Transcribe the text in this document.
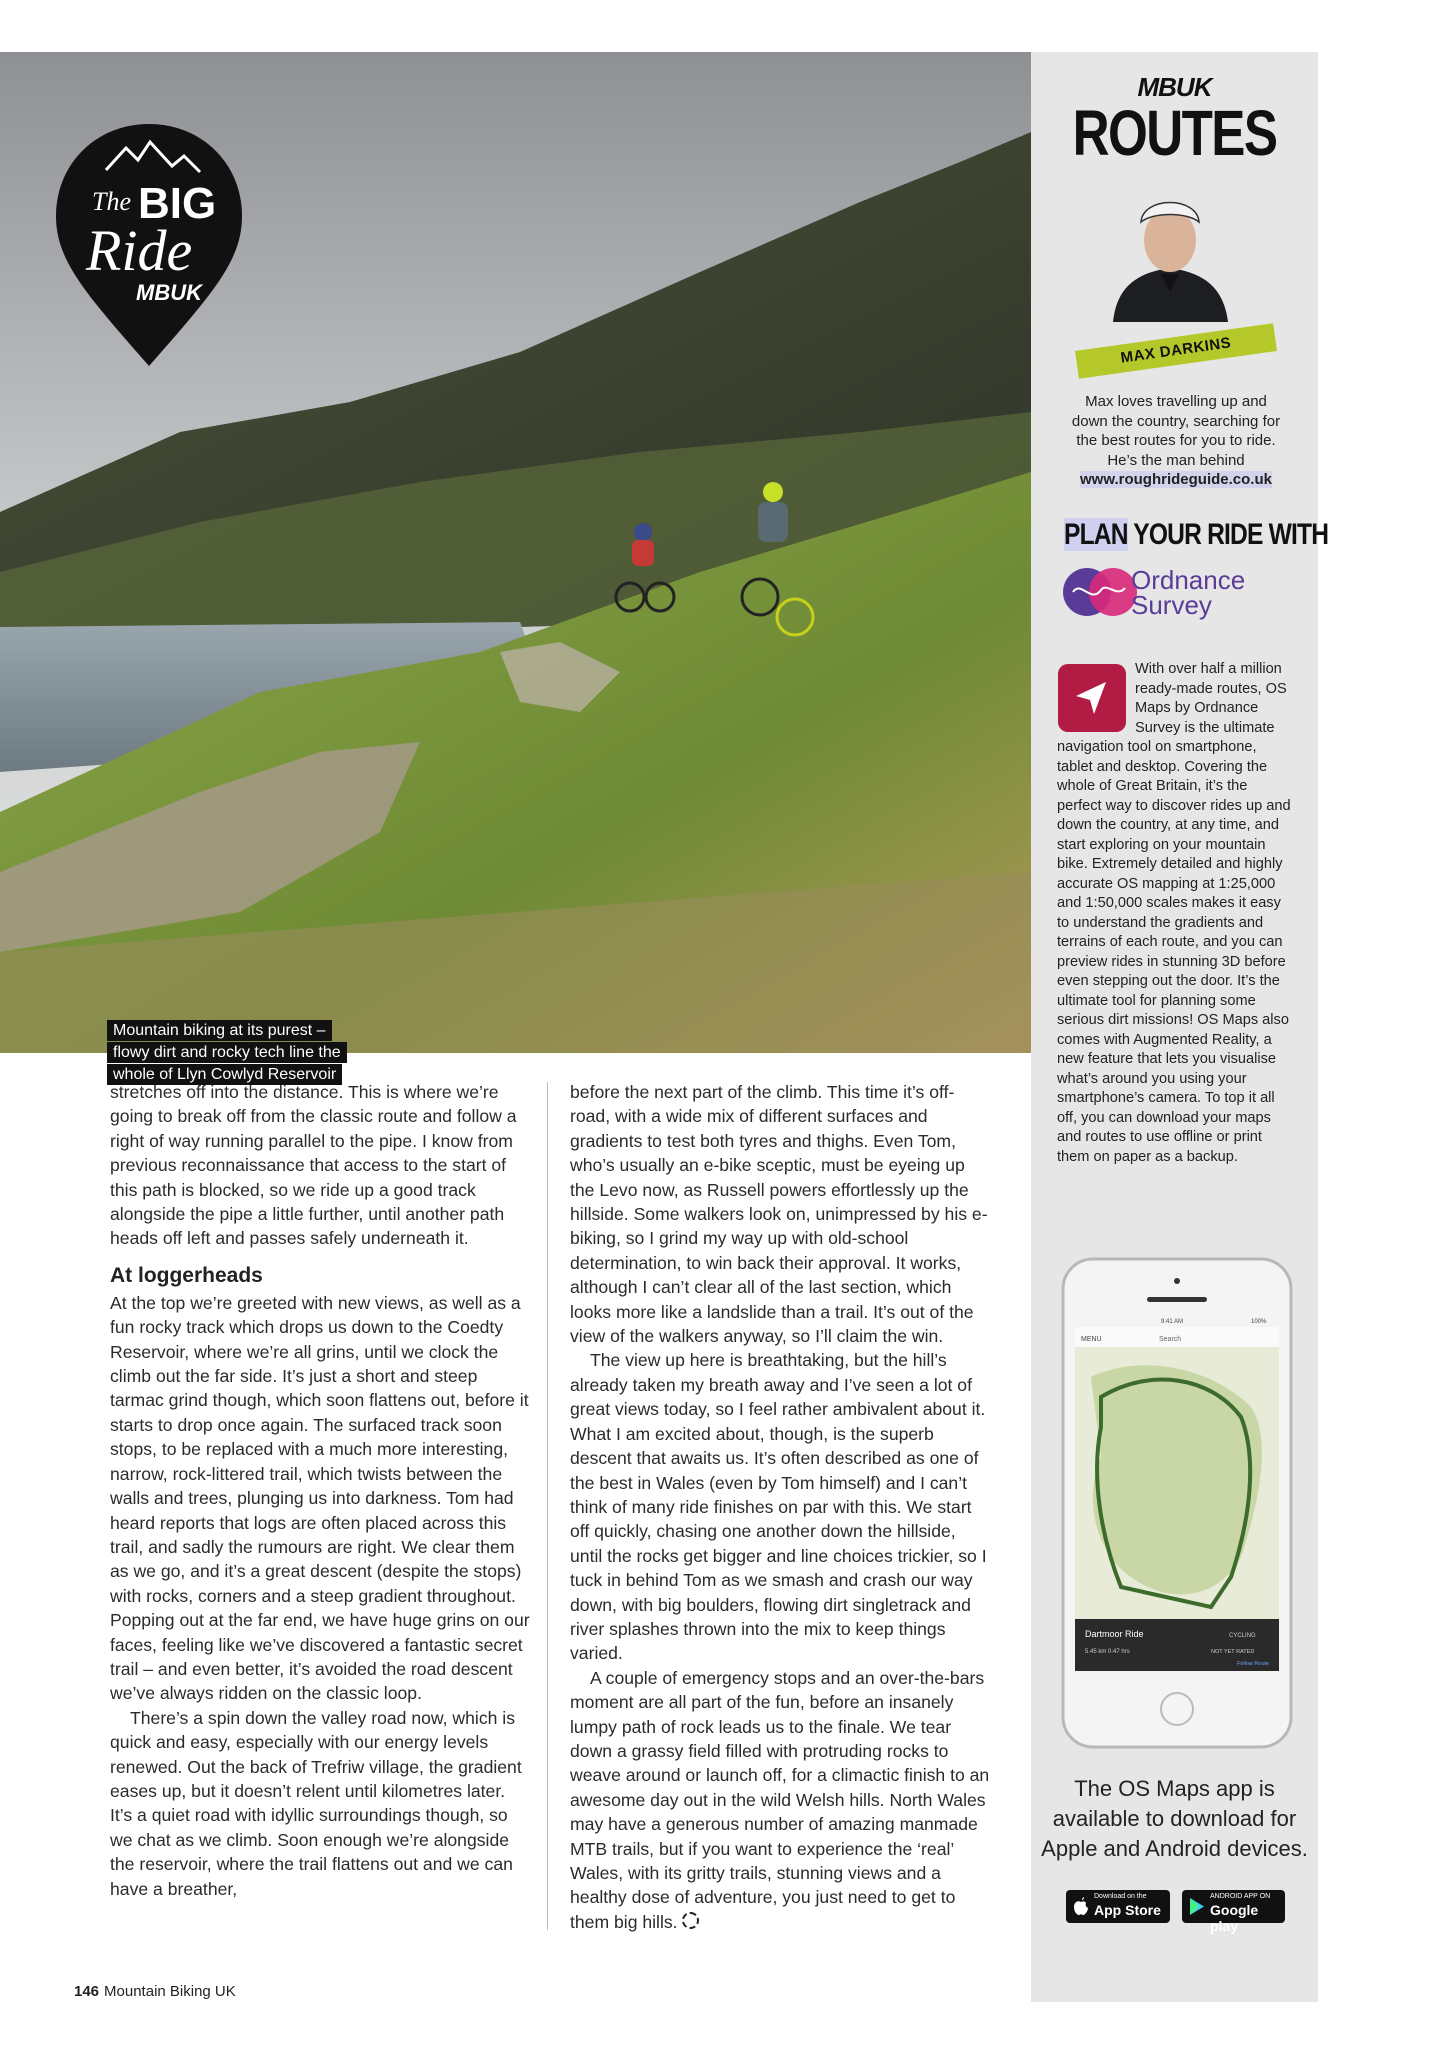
The BIG
Ride
MBUK
Mountain biking at its purest –
flowy dirt and rocky tech line the
whole of Llyn Cowlyd Reservoir

stretches off into the distance. This is where we’re going to break off from the classic route and follow a right of way running parallel to the pipe. I know from previous reconnaissance that access to the start of this path is blocked, so we ride up a good track alongside the pipe a little further, until another path heads off left and passes safely underneath it.

At loggerheads

At the top we’re greeted with new views, as well as a fun rocky track which drops us down to the Coedty Reservoir, where we’re all grins, until we clock the climb out the far side. It’s just a short and steep tarmac grind though, which soon flattens out, before it starts to drop once again. The surfaced track soon stops, to be replaced with a much more interesting, narrow, rock-littered trail, which twists between the walls and trees, plunging us into darkness. Tom had heard reports that logs are often placed across this trail, and sadly the rumours are right. We clear them as we go, and it’s a great descent (despite the stops) with rocks, corners and a steep gradient throughout. Popping out at the far end, we have huge grins on our faces, feeling like we’ve discovered a fantastic secret trail – and even better, it’s avoided the road descent we’ve always ridden on the classic loop.

There’s a spin down the valley road now, which is quick and easy, especially with our energy levels renewed. Out the back of Trefriw village, the gradient eases up, but it doesn’t relent until kilometres later. It’s a quiet road with idyllic surroundings though, so we chat as we climb. Soon enough we’re alongside the reservoir, where the trail flattens out and we can have a breather,

before the next part of the climb. This time it’s off-road, with a wide mix of different surfaces and gradients to test both tyres and thighs. Even Tom, who’s usually an e-bike sceptic, must be eyeing up the Levo now, as Russell powers effortlessly up the hillside. Some walkers look on, unimpressed by his e-biking, so I grind my way up with old-school determination, to win back their approval. It works, although I can’t clear all of the last section, which looks more like a landslide than a trail. It’s out of the view of the walkers anyway, so I’ll claim the win.

The view up here is breathtaking, but the hill’s already taken my breath away and I’ve seen a lot of great views today, so I feel rather ambivalent about it. What I am excited about, though, is the superb descent that awaits us. It’s often described as one of the best in Wales (even by Tom himself) and I can’t think of many ride finishes on par with this. We start off quickly, chasing one another down the hillside, until the rocks get bigger and line choices trickier, so I tuck in behind Tom as we smash and crash our way down, with big boulders, flowing dirt singletrack and river splashes thrown into the mix to keep things varied.

A couple of emergency stops and an over-the-bars moment are all part of the fun, before an insanely lumpy path of rock leads us to the finale. We tear down a grassy field filled with protruding rocks to weave around or launch off, for a climactic finish to an awesome day out in the wild Welsh hills. North Wales may have a generous number of amazing manmade MTB trails, but if you want to experience the ‘real’ Wales, with its gritty trails, stunning views and a healthy dose of adventure, you just need to get to them big hills.

146 Mountain Biking UK
MBUK
ROUTES
MAX DARKINS
Max loves travelling up and down the country, searching for the best routes for you to ride. He’s the man behind
www.roughrideguide.co.uk
PLAN YOUR RIDE WITH
Ordnance
Survey
With over half a million ready-made routes, OS Maps by Ordnance Survey is the ultimate navigation tool on smartphone, tablet and desktop. Covering the whole of Great Britain, it’s the perfect way to discover rides up and down the country, at any time, and start exploring on your mountain bike. Extremely detailed and highly accurate OS mapping at 1:25,000 and 1:50,000 scales makes it easy to understand the gradients and terrains of each route, and you can preview rides in stunning 3D before even stepping out the door. It’s the ultimate tool for planning some serious dirt missions! OS Maps also comes with Augmented Reality, a new feature that lets you visualise what’s around you using your smartphone’s camera. To top it all off, you can download your maps and routes to use offline or print them on paper as a backup.
MENU	Search
9:41 AM	100%
Dartmoor Ride
5.45 km 0:47 hrs
CYCLING
NOT YET RATED
Follow Route
The OS Maps app is available to download for Apple and Android devices.
Download on the
App Store
ANDROID APP ON
Google play
